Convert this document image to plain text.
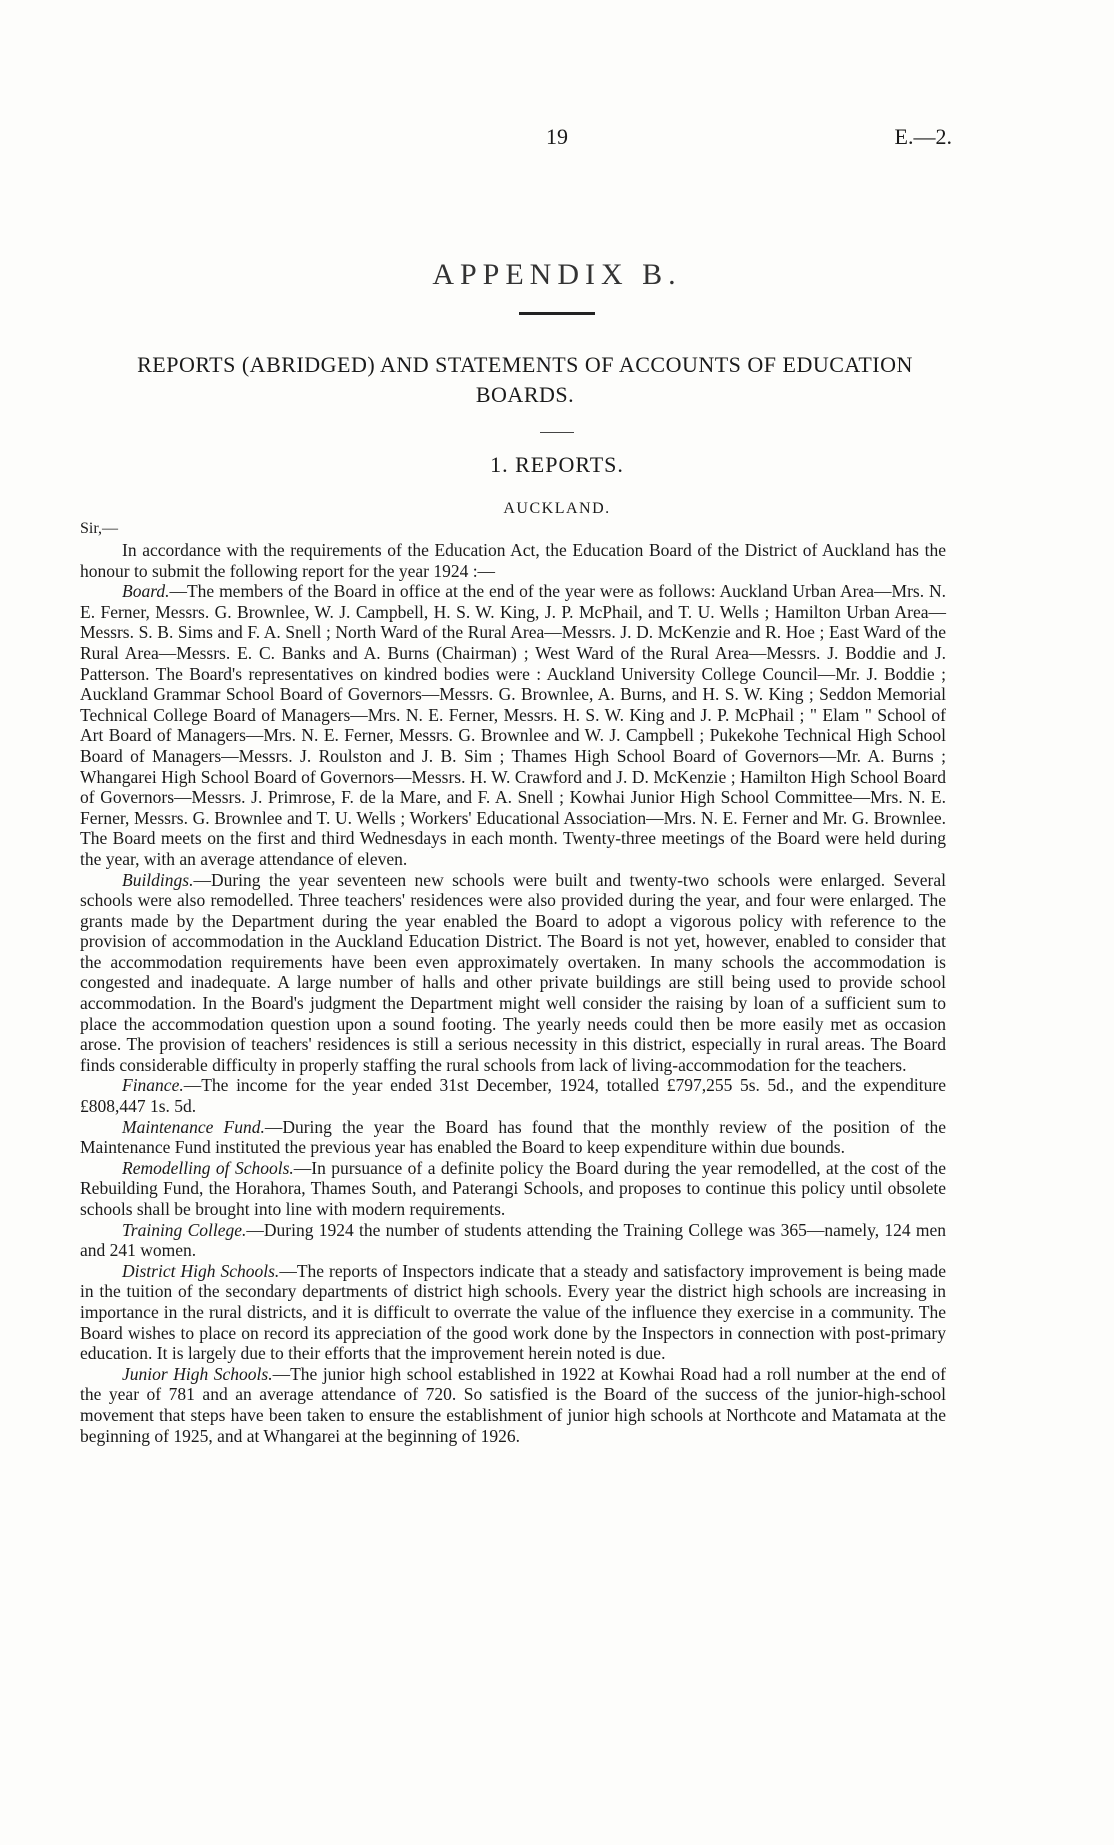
19	E.—2.
APPENDIX B.
REPORTS (ABRIDGED) AND STATEMENTS OF ACCOUNTS OF EDUCATION BOARDS.
1. REPORTS.
AUCKLAND.
Sir,—

In accordance with the requirements of the Education Act, the Education Board of the District of Auckland has the honour to submit the following report for the year 1924 :—

Board.—The members of the Board in office at the end of the year were as follows: Auckland Urban Area—Mrs. N. E. Ferner, Messrs. G. Brownlee, W. J. Campbell, H. S. W. King, J. P. McPhail, and T. U. Wells ; Hamilton Urban Area—Messrs. S. B. Sims and F. A. Snell ; North Ward of the Rural Area—Messrs. J. D. McKenzie and R. Hoe ; East Ward of the Rural Area—Messrs. E. C. Banks and A. Burns (Chairman) ; West Ward of the Rural Area—Messrs. J. Boddie and J. Patterson. The Board's representatives on kindred bodies were : Auckland University College Council—Mr. J. Boddie ; Auckland Grammar School Board of Governors—Messrs. G. Brownlee, A. Burns, and H. S. W. King ; Seddon Memorial Technical College Board of Managers—Mrs. N. E. Ferner, Messrs. H. S. W. King and J. P. McPhail ; " Elam " School of Art Board of Managers—Mrs. N. E. Ferner, Messrs. G. Brownlee and W. J. Campbell ; Pukekohe Technical High School Board of Managers—Messrs. J. Roulston and J. B. Sim ; Thames High School Board of Governors—Mr. A. Burns ; Whangarei High School Board of Governors—Messrs. H. W. Crawford and J. D. McKenzie ; Hamilton High School Board of Governors—Messrs. J. Primrose, F. de la Mare, and F. A. Snell ; Kowhai Junior High School Committee—Mrs. N. E. Ferner, Messrs. G. Brownlee and T. U. Wells ; Workers' Educational Association—Mrs. N. E. Ferner and Mr. G. Brownlee. The Board meets on the first and third Wednesdays in each month. Twenty-three meetings of the Board were held during the year, with an average attendance of eleven.

Buildings.—During the year seventeen new schools were built and twenty-two schools were enlarged. Several schools were also remodelled. Three teachers' residences were also provided during the year, and four were enlarged. The grants made by the Department during the year enabled the Board to adopt a vigorous policy with reference to the provision of accommodation in the Auckland Education District. The Board is not yet, however, enabled to consider that the accommodation requirements have been even approximately overtaken. In many schools the accommodation is congested and inadequate. A large number of halls and other private buildings are still being used to provide school accommodation. In the Board's judgment the Department might well consider the raising by loan of a sufficient sum to place the accommodation question upon a sound footing. The yearly needs could then be more easily met as occasion arose. The provision of teachers' residences is still a serious necessity in this district, especially in rural areas. The Board finds considerable difficulty in properly staffing the rural schools from lack of living-accommodation for the teachers.

Finance.—The income for the year ended 31st December, 1924, totalled £797,255 5s. 5d., and the expenditure £808,447 1s. 5d.

Maintenance Fund.—During the year the Board has found that the monthly review of the position of the Maintenance Fund instituted the previous year has enabled the Board to keep expenditure within due bounds.

Remodelling of Schools.—In pursuance of a definite policy the Board during the year remodelled, at the cost of the Rebuilding Fund, the Horahora, Thames South, and Paterangi Schools, and proposes to continue this policy until obsolete schools shall be brought into line with modern requirements.

Training College.—During 1924 the number of students attending the Training College was 365—namely, 124 men and 241 women.

District High Schools.—The reports of Inspectors indicate that a steady and satisfactory improvement is being made in the tuition of the secondary departments of district high schools. Every year the district high schools are increasing in importance in the rural districts, and it is difficult to overrate the value of the influence they exercise in a community. The Board wishes to place on record its appreciation of the good work done by the Inspectors in connection with post-primary education. It is largely due to their efforts that the improvement herein noted is due.

Junior High Schools.—The junior high school established in 1922 at Kowhai Road had a roll number at the end of the year of 781 and an average attendance of 720. So satisfied is the Board of the success of the junior-high-school movement that steps have been taken to ensure the establishment of junior high schools at Northcote and Matamata at the beginning of 1925, and at Whangarei at the beginning of 1926.
